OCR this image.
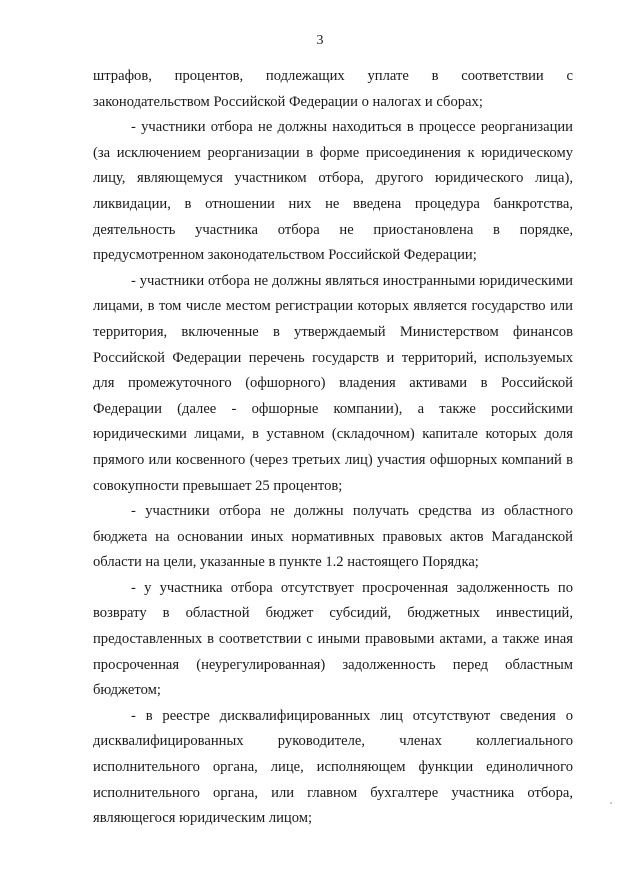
3

штрафов, процентов, подлежащих уплате в соответствии с законодательством Российской Федерации о налогах и сборах;

- участники отбора не должны находиться в процессе реорганизации (за исключением реорганизации в форме присоединения к юридическому лицу, являющемуся участником отбора, другого юридического лица), ликвидации, в отношении них не введена процедура банкротства, деятельность участника отбора не приостановлена в порядке, предусмотренном законодательством Российской Федерации;

- участники отбора не должны являться иностранными юридическими лицами, в том числе местом регистрации которых является государство или территория, включенные в утверждаемый Министерством финансов Российской Федерации перечень государств и территорий, используемых для промежуточного (офшорного) владения активами в Российской Федерации (далее - офшорные компании), а также российскими юридическими лицами, в уставном (складочном) капитале которых доля прямого или косвенного (через третьих лиц) участия офшорных компаний в совокупности превышает 25 процентов;

- участники отбора не должны получать средства из областного бюджета на основании иных нормативных правовых актов Магаданской области на цели, указанные в пункте 1.2 настоящего Порядка;

- у участника отбора отсутствует просроченная задолженность по возврату в областной бюджет субсидий, бюджетных инвестиций, предоставленных в соответствии с иными правовыми актами, а также иная просроченная (неурегулированная) задолженность перед областным бюджетом;

- в реестре дисквалифицированных лиц отсутствуют сведения о дисквалифицированных руководителе, членах коллегиального исполнительного органа, лице, исполняющем функции единоличного исполнительного органа, или главном бухгалтере участника отбора, являющегося юридическим лицом;
